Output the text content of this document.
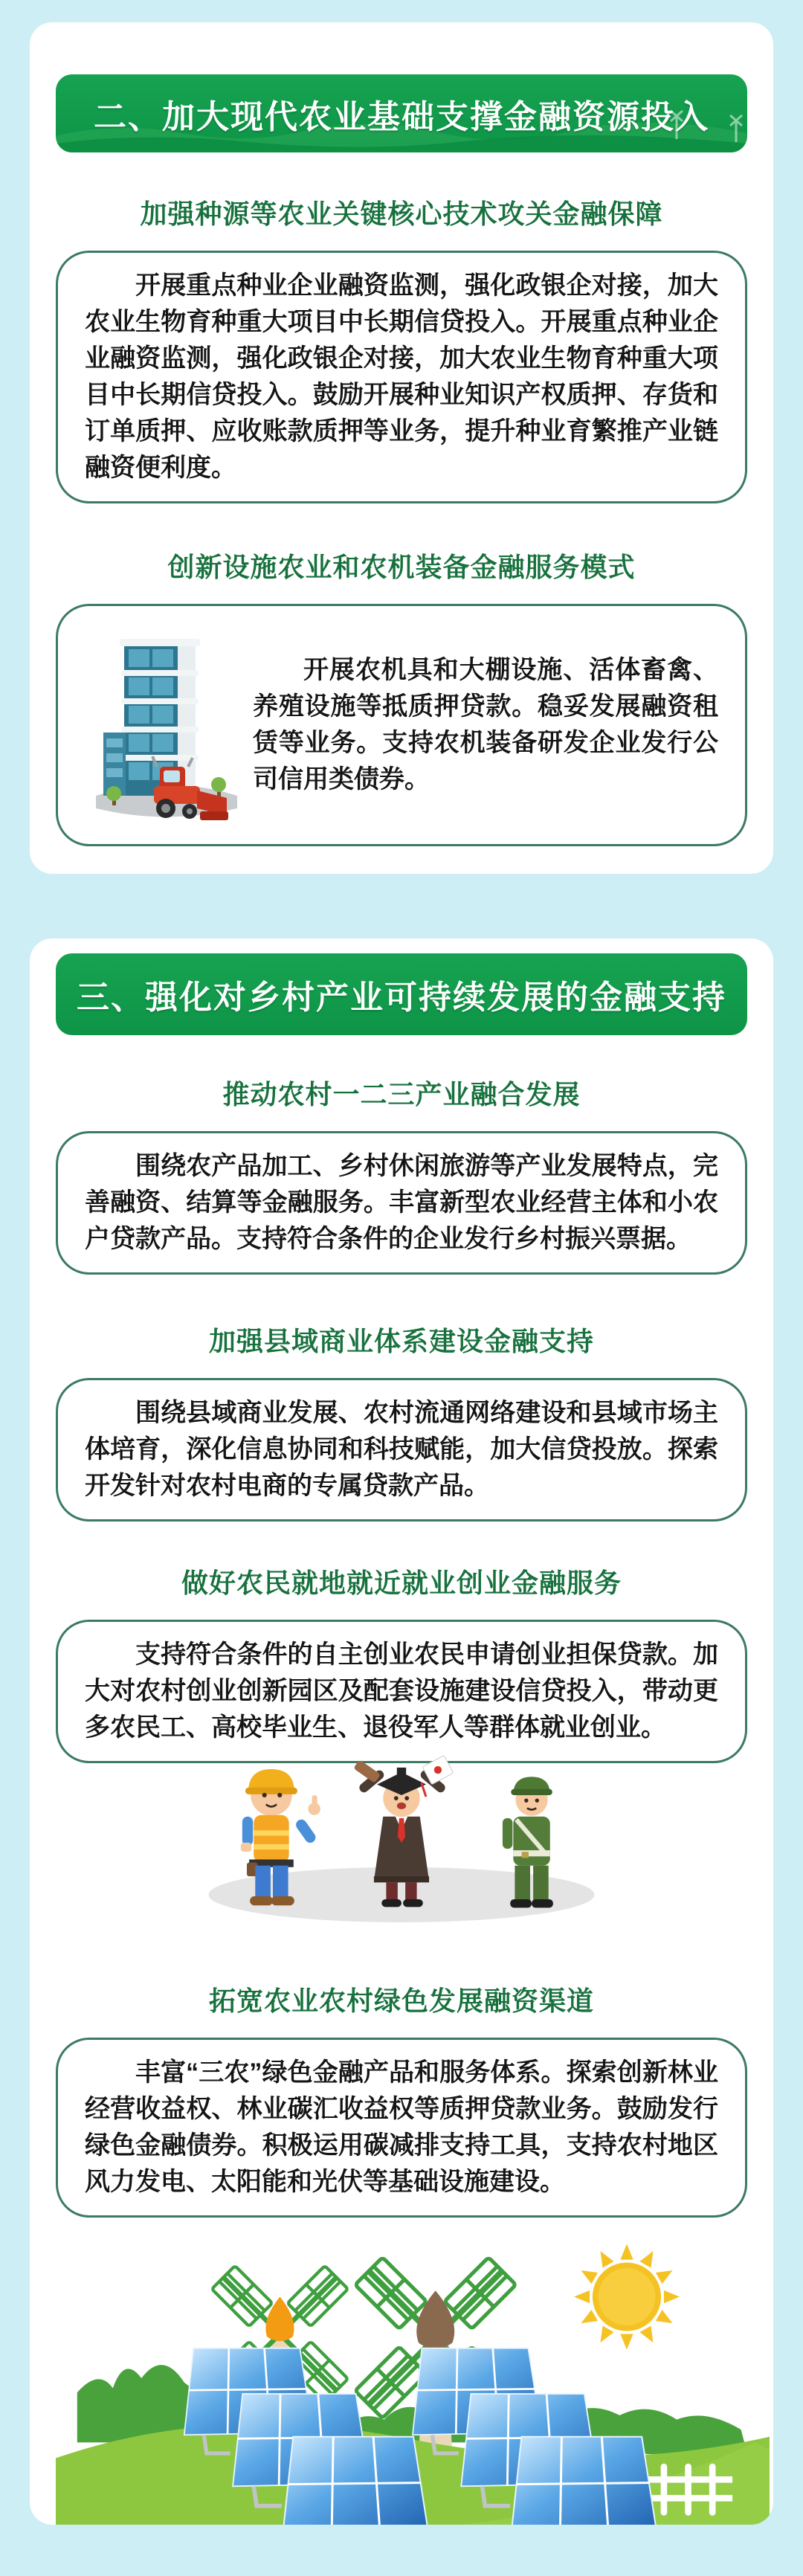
二、加大现代农业基础支撑金融资源投入
加强种源等农业关键核心技术攻关金融保障

开展重点种业企业融资监测，强化政银企对接，加大农业生物育种重大项目中长期信贷投入。开展重点种业企业融资监测，强化政银企对接，加大农业生物育种重大项目中长期信贷投入。鼓励开展种业知识产权质押、存货和订单质押、应收账款质押等业务，提升种业育繁推产业链融资便利度。

创新设施农业和农机装备金融服务模式

开展农机具和大棚设施、活体畜禽、养殖设施等抵质押贷款。稳妥发展融资租赁等业务。支持农机装备研发企业发行公司信用类债券。

三、强化对乡村产业可持续发展的金融支持
推动农村一二三产业融合发展

围绕农产品加工、乡村休闲旅游等产业发展特点，完善融资、结算等金融服务。丰富新型农业经营主体和小农户贷款产品。支持符合条件的企业发行乡村振兴票据。

加强县域商业体系建设金融支持

围绕县域商业发展、农村流通网络建设和县域市场主体培育，深化信息协同和科技赋能，加大信贷投放。探索开发针对农村电商的专属贷款产品。

做好农民就地就近就业创业金融服务

支持符合条件的自主创业农民申请创业担保贷款。加大对农村创业创新园区及配套设施建设信贷投入，带动更多农民工、高校毕业生、退役军人等群体就业创业。

拓宽农业农村绿色发展融资渠道

丰富“三农”绿色金融产品和服务体系。探索创新林业经营收益权、林业碳汇收益权等质押贷款业务。鼓励发行绿色金融债券。积极运用碳减排支持工具，支持农村地区风力发电、太阳能和光伏等基础设施建设。
